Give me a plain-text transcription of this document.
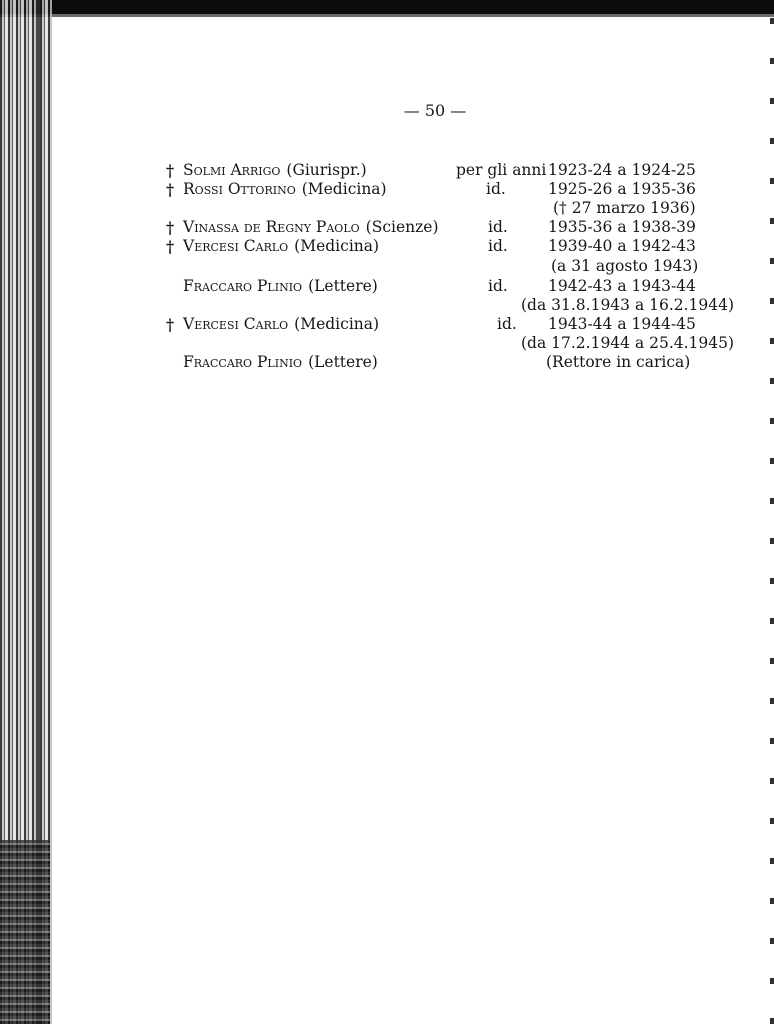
— 50 —
† Solmi Arrigo (Giurispr.)	per gli anni 1923-24 a 1924-25
† Rossi Ottorino (Medicina)	id.	1925-26 a 1935-36
(† 27 marzo 1936)
† Vinassa de Regny Paolo (Scienze)	id.	1935-36 a 1938-39
† Vercesi Carlo (Medicina)	id.	1939-40 a 1942-43
(a 31 agosto 1943)
Fraccaro Plinio (Lettere)	id.	1942-43 a 1943-44
(da 31.8.1943 a 16.2.1944)
† Vercesi Carlo (Medicina)	id. 1943-44 a 1944-45
(da 17.2.1944 a 25.4.1945)
Fraccaro Plinio (Lettere)	(Rettore in carica)
